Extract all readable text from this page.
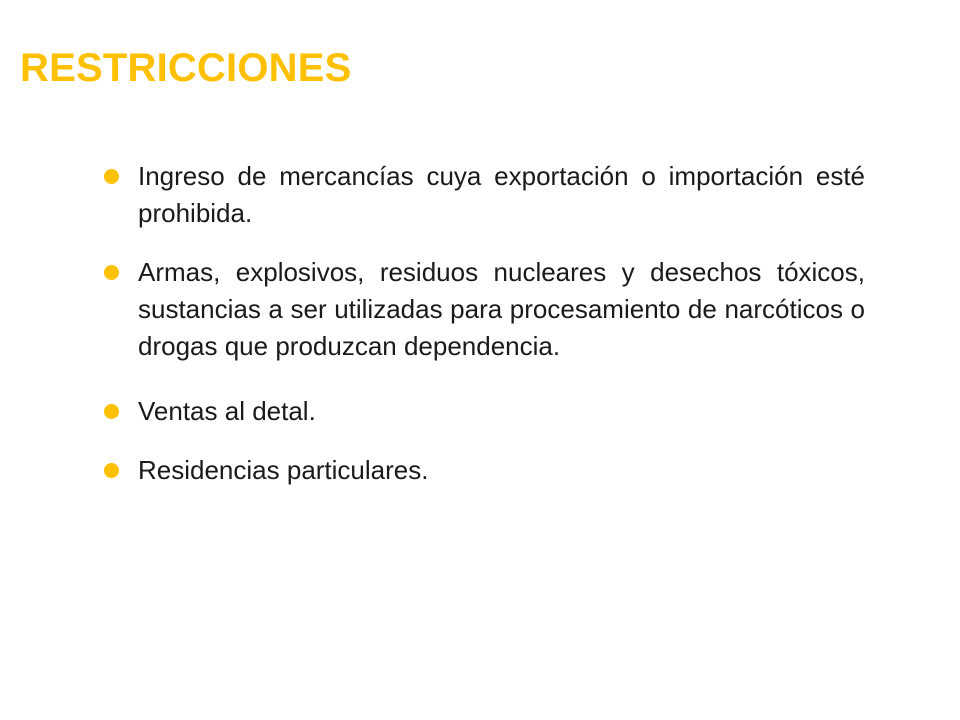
RESTRICCIONES
Ingreso de mercancías cuya exportación o importación esté prohibida.
Armas, explosivos, residuos nucleares y desechos tóxicos, sustancias a ser utilizadas para procesamiento de narcóticos o drogas que produzcan dependencia.
Ventas al detal.
Residencias particulares.
